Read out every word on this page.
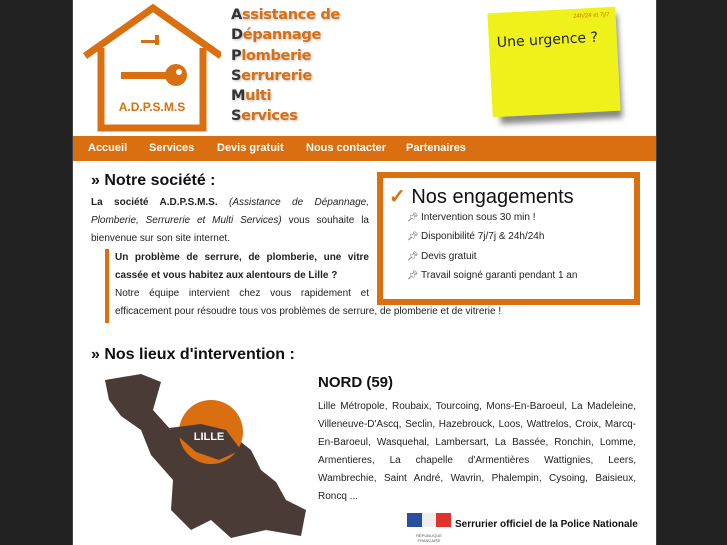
A.D.P.S.M.S
Assistance de
Dépannage
Plomberie
Serrurerie
Multi
Services
24h/24 et 7j/7
Une urgence ?
Accueil Services Devis gratuit Nous contacter Partenaires
» Notre société :
La société A.D.P.S.M.S. (Assistance de Dépannage, Plomberie, Serrurerie et Multi Services) vous souhaite la bienvenue sur son site internet.
Un problème de serrure, de plomberie, une vitre cassée et vous habitez aux alentours de Lille ?
Notre équipe intervient chez vous rapidement et efficacement pour résoudre tous vos problèmes de serrure, de plomberie et de vitrerie !
✓ Nos engagements
📌︎ Intervention sous 30 min !
📌︎ Disponibilité 7j/7j & 24h/24h
📌︎ Devis gratuit
📌︎ Travail soigné garanti pendant 1 an
» Nos lieux d'intervention :
LILLE
NORD (59)
Lille Métropole, Roubaix, Tourcoing, Mons-En-Baroeul, La Madeleine, Villeneuve-D'Ascq, Seclin, Hazebrouck, Loos, Wattrelos, Croix, Marcq-En-Baroeul, Wasquehal, Lambersart, La Bassée, Ronchin, Lomme, Armentieres, La chapelle d'Armentières Wattignies, Leers, Wambrechie, Saint André, Wavrin, Phalempin, Cysoing, Baisieux, Roncq ...
RÉPUBLIQUE FRANÇAISE
Serrurier officiel de la Police Nationale
